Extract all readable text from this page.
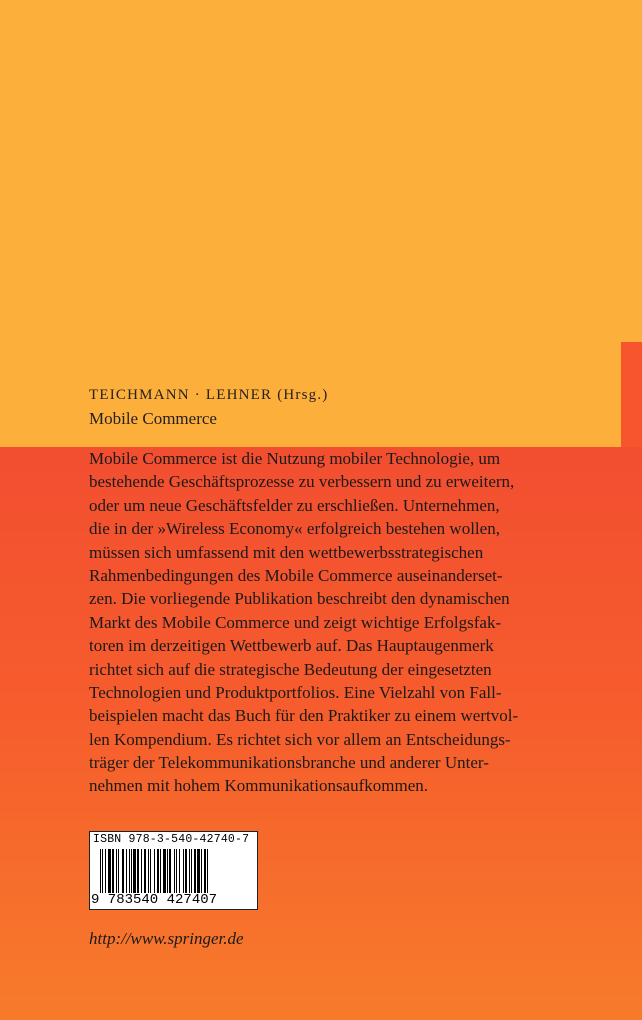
TEICHMANN · LEHNER (Hrsg.)
Mobile Commerce
Mobile Commerce ist die Nutzung mobiler Technologie, um
bestehende Geschäftsprozesse zu verbessern und zu erweitern,
oder um neue Geschäftsfelder zu erschließen. Unternehmen,
die in der »Wireless Economy« erfolgreich bestehen wollen,
müssen sich umfassend mit den wettbewerbsstrategischen
Rahmenbedingungen des Mobile Commerce auseinanderset-
zen. Die vorliegende Publikation beschreibt den dynamischen
Markt des Mobile Commerce und zeigt wichtige Erfolgsfak-
toren im derzeitigen Wettbewerb auf. Das Hauptaugenmerk
richtet sich auf die strategische Bedeutung der eingesetzten
Technologien und Produktportfolios. Eine Vielzahl von Fall-
beispielen macht das Buch für den Praktiker zu einem wertvol-
len Kompendium. Es richtet sich vor allem an Entscheidungs-
träger der Telekommunikationsbranche und anderer Unter-
nehmen mit hohem Kommunikationsaufkommen.
ISBN 978-3-540-42740-7
9 783540 427407
http://www.springer.de
